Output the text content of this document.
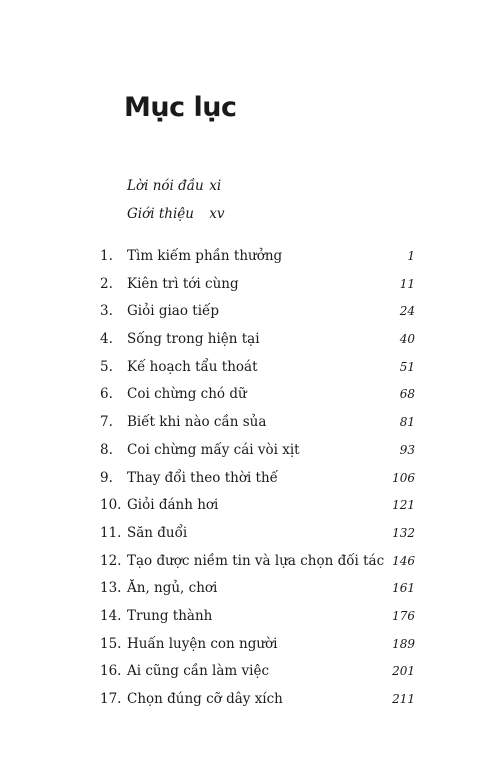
Mục lục
Lời nói đầu xi
Giới thiệu xv
1.	Tìm kiếm phần thưởng	1
2.	Kiên trì tới cùng	11
3.	Giỏi giao tiếp	24
4.	Sống trong hiện tại	40
5.	Kế hoạch tẩu thoát	51
6.	Coi chừng chó dữ	68
7.	Biết khi nào cần sủa	81
8.	Coi chừng mấy cái vòi xịt	93
9.	Thay đổi theo thời thế	106
10. Giỏi đánh hơi	121
11. Săn đuổi	132
12. Tạo được niềm tin và lựa chọn đối tác 146
13. Ăn, ngủ, chơi	161
14. Trung thành	176
15. Huấn luyện con người	189
16. Ai cũng cần làm việc	201
17. Chọn đúng cỡ dây xích	211
